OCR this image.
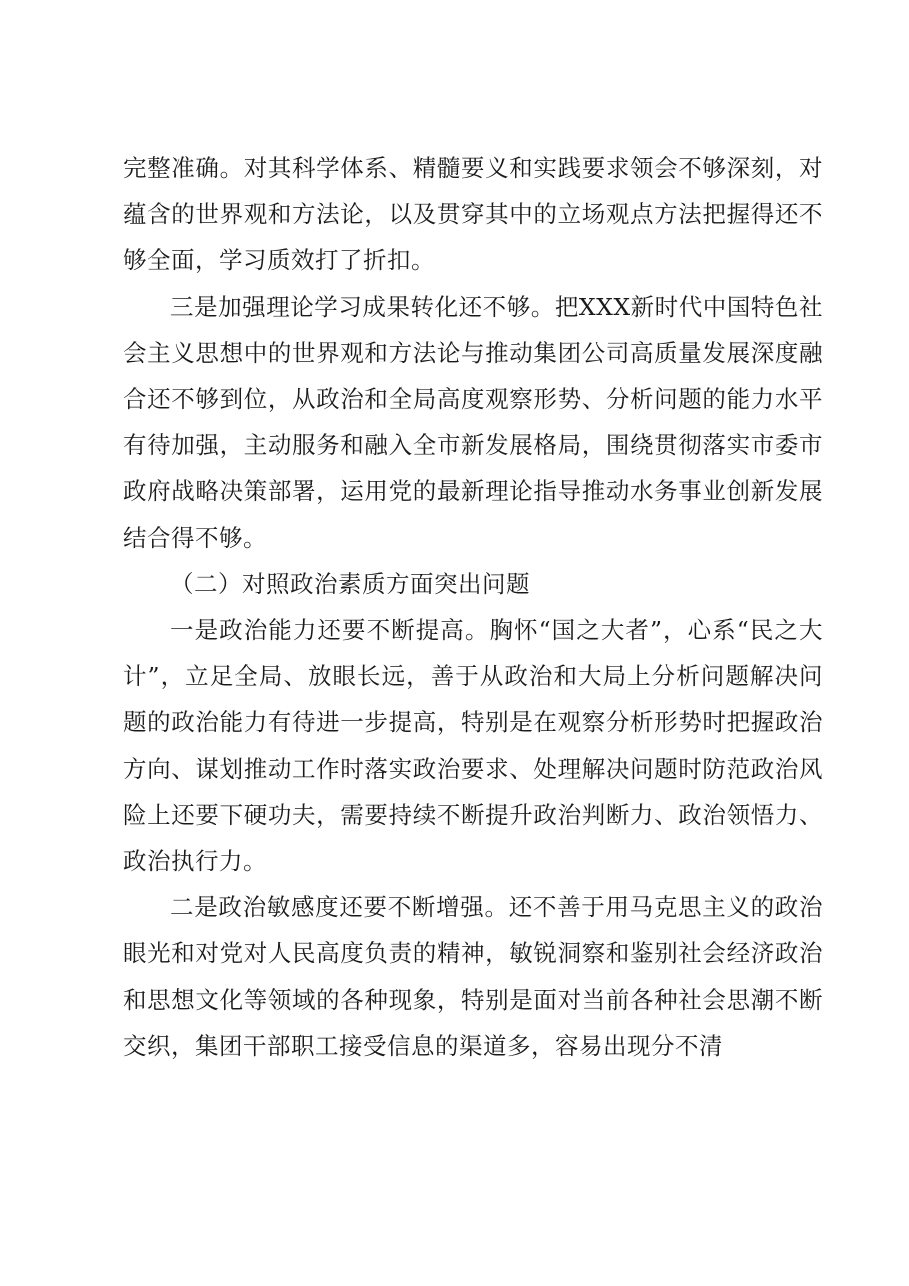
完整准确。对其科学体系、精髓要义和实践要求领会不够深刻，对蕴含的世界观和方法论，以及贯穿其中的立场观点方法把握得还不够全面，学习质效打了折扣。

三是加强理论学习成果转化还不够。把XXX新时代中国特色社会主义思想中的世界观和方法论与推动集团公司高质量发展深度融合还不够到位，从政治和全局高度观察形势、分析问题的能力水平有待加强，主动服务和融入全市新发展格局，围绕贯彻落实市委市政府战略决策部署，运用党的最新理论指导推动水务事业创新发展结合得不够。

（二）对照政治素质方面突出问题

一是政治能力还要不断提高。胸怀“国之大者”，心系“民之大计”，立足全局、放眼长远，善于从政治和大局上分析问题解决问题的政治能力有待进一步提高，特别是在观察分析形势时把握政治方向、谋划推动工作时落实政治要求、处理解决问题时防范政治风险上还要下硬功夫，需要持续不断提升政治判断力、政治领悟力、政治执行力。

二是政治敏感度还要不断增强。还不善于用马克思主义的政治眼光和对党对人民高度负责的精神，敏锐洞察和鉴别社会经济政治和思想文化等领域的各种现象，特别是面对当前各种社会思潮不断交织，集团干部职工接受信息的渠道多，容易出现分不清
